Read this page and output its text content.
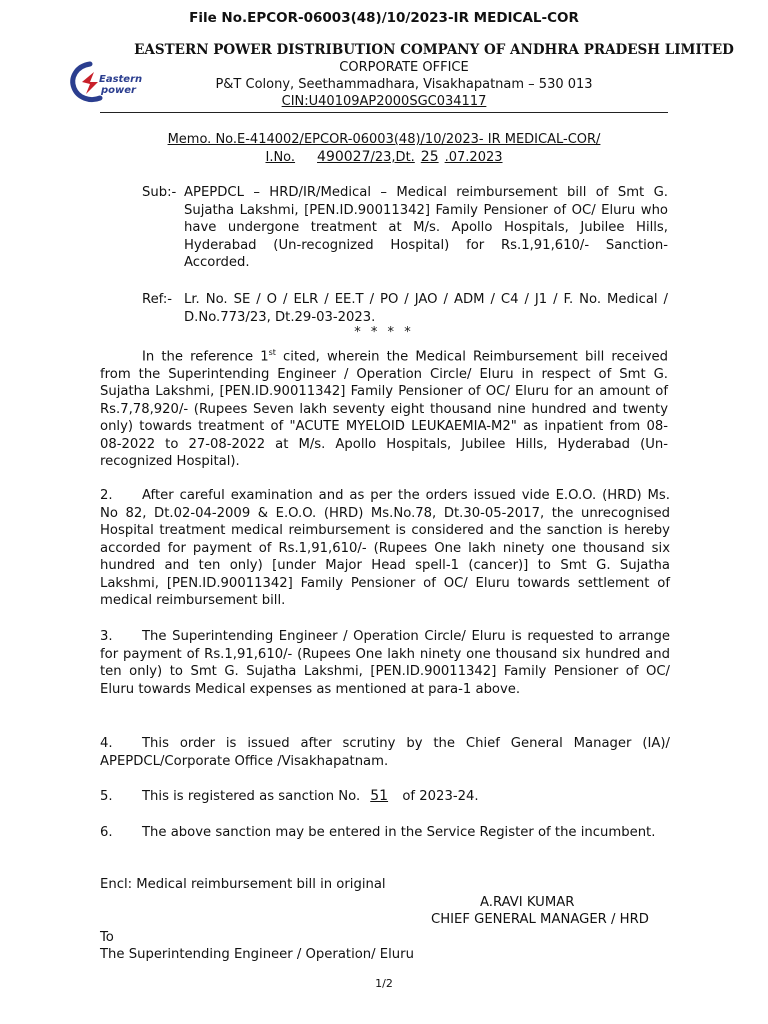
File No.EPCOR-06003(48)/10/2023-IR MEDICAL-COR
Eastern
power
EASTERN POWER DISTRIBUTION COMPANY OF ANDHRA PRADESH LIMITED
CORPORATE OFFICE
P&T Colony, Seethammadhara, Visakhapatnam – 530 013
CIN:U40109AP2000SGC034117
Memo. No.E-414002/EPCOR-06003(48)/10/2023- IR MEDICAL-COR/
I.No. 490027/23,Dt. 25 .07.2023
Sub:- APEPDCL – HRD/IR/Medical – Medical reimbursement bill of Smt G. Sujatha Lakshmi, [PEN.ID.90011342] Family Pensioner of OC/ Eluru who have undergone treatment at M/s. Apollo Hospitals, Jubilee Hills, Hyderabad (Un-recognized Hospital) for Rs.1,91,610/- Sanction- Accorded.
Ref:- Lr. No. SE / O / ELR / EE.T / PO / JAO / ADM / C4 / J1 / F. No. Medical / D.No.773/23, Dt.29-03-2023.
* * * *
In the reference 1st cited, wherein the Medical Reimbursement bill received from the Superintending Engineer / Operation Circle/ Eluru in respect of Smt G. Sujatha Lakshmi, [PEN.ID.90011342] Family Pensioner of OC/ Eluru for an amount of Rs.7,78,920/- (Rupees Seven lakh seventy eight thousand nine hundred and twenty only) towards treatment of "ACUTE MYELOID LEUKAEMIA-M2" as inpatient from 08-08-2022 to 27-08-2022 at M/s. Apollo Hospitals, Jubilee Hills, Hyderabad (Un-recognized Hospital).
2. After careful examination and as per the orders issued vide E.O.O. (HRD) Ms. No 82, Dt.02-04-2009 & E.O.O. (HRD) Ms.No.78, Dt.30-05-2017, the unrecognised Hospital treatment medical reimbursement is considered and the sanction is hereby accorded for payment of Rs.1,91,610/- (Rupees One lakh ninety one thousand six hundred and ten only) [under Major Head spell-1 (cancer)] to Smt G. Sujatha Lakshmi, [PEN.ID.90011342] Family Pensioner of OC/ Eluru towards settlement of medical reimbursement bill.
3. The Superintending Engineer / Operation Circle/ Eluru is requested to arrange for payment of Rs.1,91,610/- (Rupees One lakh ninety one thousand six hundred and ten only) to Smt G. Sujatha Lakshmi, [PEN.ID.90011342] Family Pensioner of OC/ Eluru towards Medical expenses as mentioned at para-1 above.
4. This order is issued after scrutiny by the Chief General Manager (IA)/ APEPDCL/Corporate Office /Visakhapatnam.
5. This is registered as sanction No. 51 of 2023-24.
6. The above sanction may be entered in the Service Register of the incumbent.
Encl: Medical reimbursement bill in original
A.RAVI KUMAR
CHIEF GENERAL MANAGER / HRD
To
The Superintending Engineer / Operation/ Eluru
1/2
